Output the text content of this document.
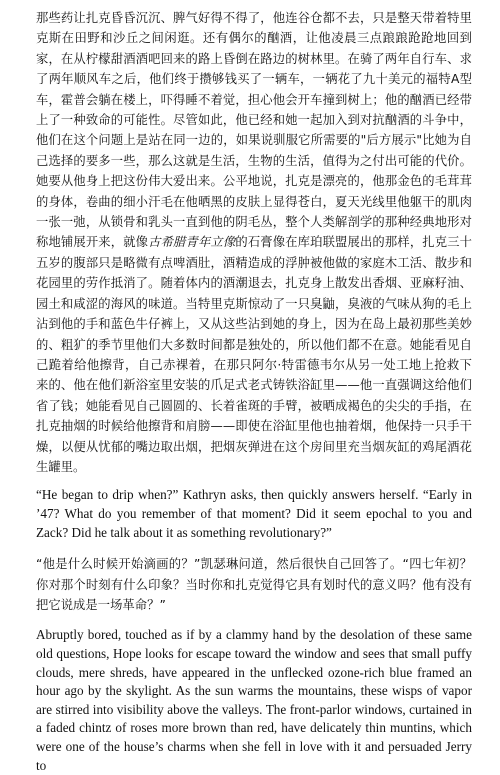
那些药让扎克昏昏沉沉、脾气好得不得了，他连谷仓都不去，只是整天带着特里克斯在田野和沙丘之间闲逛。还有偶尔的酗酒，让他凌晨三点踉踉跄跄地回到家，在从柠檬甜酒酒吧回来的路上昏倒在路边的树林里。在骑了两年自行车、求了两年顺风车之后，他们终于攒够钱买了一辆车，一辆花了九十美元的福特A型车，霍普会躺在楼上，吓得睡不着觉，担心他会开车撞到树上；他的酗酒已经带上了一种致命的可能性。尽管如此，他已经和她一起加入到对抗酗酒的斗争中，他们在这个问题上是站在同一边的，如果说驯服它所需要的"后方展示"比她为自己选择的要多一些，那么这就是生活，生物的生活，值得为之付出可能的代价。她要从他身上把这份伟大爱出来。公平地说，扎克是漂亮的，他那金色的毛茸茸的身体，卷曲的细小汗毛在他晒黑的皮肤上显得苍白，夏天光线里他躯干的肌肉一张一弛，从锁骨和乳头一直到他的阴毛丛，整个人类解剖学的那种经典地形对称地铺展开来，就像古希腊青年立像的石膏像在库珀联盟展出的那样，扎克三十五岁的腹部只是略微有点啤酒肚，酒精造成的浮肿被他做的家庭木工活、散步和花园里的劳作抵消了。随着体内的酒潮退去，扎克身上散发出香烟、亚麻籽油、园土和咸涩的海风的味道。当特里克斯惊动了一只臭鼬，臭液的气味从狗的毛上沾到他的手和蓝色牛仔裤上，又从这些沾到她的身上，因为在岛上最初那些美妙的、粗犷的季节里他们大多数时间都是独处的，所以他们都不在意。她能看见自己跪着给他擦背，自己赤裸着，在那只阿尔·特雷德韦尔从另一处工地上抢救下来的、他在他们新浴室里安装的爪足式老式铸铁浴缸里——他一直强调这给他们省了钱；她能看见自己圆圆的、长着雀斑的手臂，被晒成褐色的尖尖的手指，在扎克抽烟的时候给他擦背和肩膀——即使在浴缸里他也抽着烟，他保持一只手干燥，以便从忧郁的嘴边取出烟，把烟灰弹进在这个房间里充当烟灰缸的鸡尾酒花生罐里。

“He began to drip when?” Kathryn asks, then quickly answers herself. “Early in ’47? What do you remember of that moment? Did it seem epochal to you and Zack? Did he talk about it as something revolutionary?”

“他是什么时候开始滴画的？”凯瑟琳问道，然后很快自己回答了。“四七年初？你对那个时刻有什么印象？当时你和扎克觉得它具有划时代的意义吗？他有没有把它说成是一场革命？”

Abruptly bored, touched as if by a clammy hand by the desolation of these same old questions, Hope looks for escape toward the window and sees that small puffy clouds, mere shreds, have appeared in the unflecked ozone-rich blue framed an hour ago by the skylight. As the sun warms the mountains, these wisps of vapor are stirred into visibility above the valleys. The front-parlor windows, curtained in a faded chintz of roses more brown than red, have delicately thin muntins, which were one of the house’s charms when she fell in love with it and persuaded Jerry to
